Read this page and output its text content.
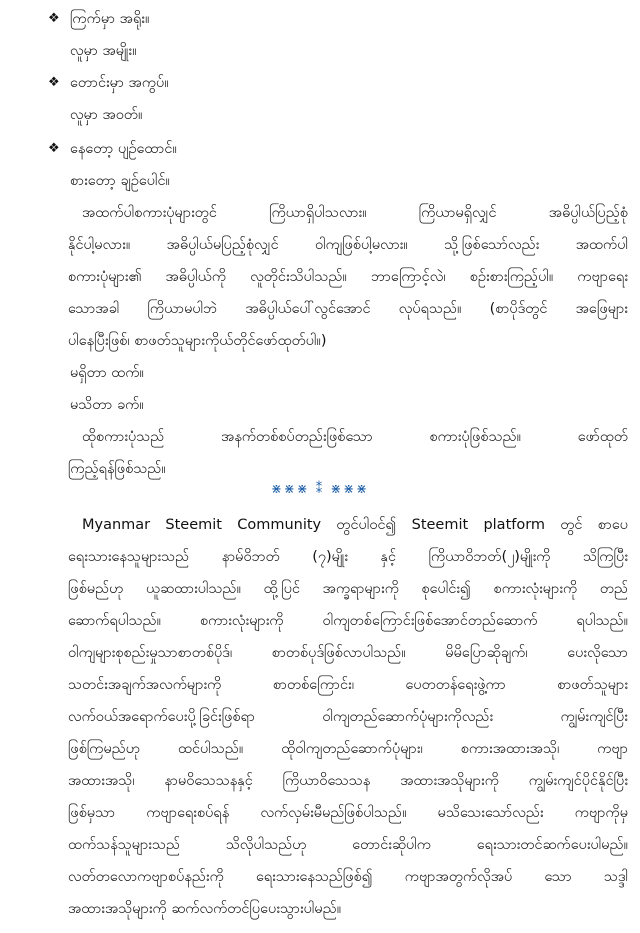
❖ ကြက်မှာ အရိုး။
လူမှာ အမျိုး။
❖ တောင်းမှာ အကွပ်။
လူမှာ အဝတ်။
❖ နေတော့ ပျဉ်ထောင်။
စားတော့ ချဉ်ပေါင်။
အထက်ပါစကားပုံများတွင် ကြိယာရှိပါသလား။ ကြိယာမရှိလျှင် အဓိပ္ပါယ်ပြည့်စုံ
နိုင်ပါ့မလား။ အဓိပ္ပါယ်မပြည့်စုံလျှင် ဝါကျဖြစ်ပါ့မလား။ သို့ဖြစ်သော်လည်း အထက်ပါ
စကားပုံများ၏ အဓိပ္ပါယ်ကို လူတိုင်းသိပါသည်။ ဘာကြောင့်လဲ၊ စဉ်းစားကြည့်ပါ။ ကဗျာရေး
သောအခါ ကြိယာမပါဘဲ အဓိပ္ပါယ်ပေါ်လွင်အောင် လုပ်ရသည်။ (စာပိုဒ်တွင် အဖြေများ
ပါနေပြီးဖြစ်၊ စာဖတ်သူများကိုယ်တိုင်ဖော်ထုတ်ပါ။)
မရှိတာ ထက်။
မသိတာ ခက်။
ထိုစကားပုံသည် အနက်တစ်စပ်တည်းဖြစ်သော စကားပုံဖြစ်သည်။ ဖော်ထုတ်
ကြည့်ရန်ဖြစ်သည်။
⋇⋇⋇ ⁑ ⋇⋇⋇
Myanmar Steemit Community တွင်ပါဝင်၍ Steemit platform တွင် စာပေ
ရေးသားနေသူများသည် နာမ်ဝိဘတ် (၇)မျိုး နှင့် ကြိယာဝိဘတ်(၂)မျိုးကို သိကြပြီး
ဖြစ်မည်ဟု ယူဆထားပါသည်။ ထို့ပြင် အက္ခရာများကို စုပေါင်း၍ စကားလုံးများကို တည်
ဆောက်ရပါသည်။ စကားလုံးများကို ဝါကျတစ်ကြောင်းဖြစ်အောင်တည်ဆောက် ရပါသည်။
ဝါကျများစုစည်းမှုသာစာတစ်ပိုဒ်၊ စာတစ်ပုဒ်ဖြစ်လာပါသည်။ မိမိပြောဆိုချက်၊ ပေးလိုသော
သတင်းအချက်အလက်များကို စာတစ်ကြောင်း၊ ပေတတန်ရေးဖွဲ့ကာ စာဖတ်သူများ
လက်ဝယ်အရောက်ပေးပို့ခြင်းဖြစ်ရာ ဝါကျတည်ဆောက်ပုံများကိုလည်း ကျွမ်းကျင်ပြီး
ဖြစ်ကြမည်ဟု ထင်ပါသည်။ ထိုဝါကျတည်ဆောက်ပုံများ၊ စကားအထားအသို၊ ကဗျာ
အထားအသို၊ နာမဝိသေသနနှင့် ကြိယာဝိသေသန အထားအသိုများကို ကျွမ်းကျင်ပိုင်နိုင်ပြီး
ဖြစ်မှသာ ကဗျာရေးစပ်ရန် လက်လှမ်းမီမည်ဖြစ်ပါသည်။ မသိသေးသော်လည်း ကဗျာကိုမှ
ထက်သန်သူများသည် သိလိုပါသည်ဟု တောင်းဆိုပါက ရေးသားတင်ဆက်ပေးပါမည်။
လတ်တလောကဗျာစပ်နည်းကို ရေးသားနေသည်ဖြစ်၍ ကဗျာအတွက်လိုအပ် သော သဒ္ဒါ
အထားအသိုများကို ဆက်လက်တင်ပြပေးသွားပါမည်။
